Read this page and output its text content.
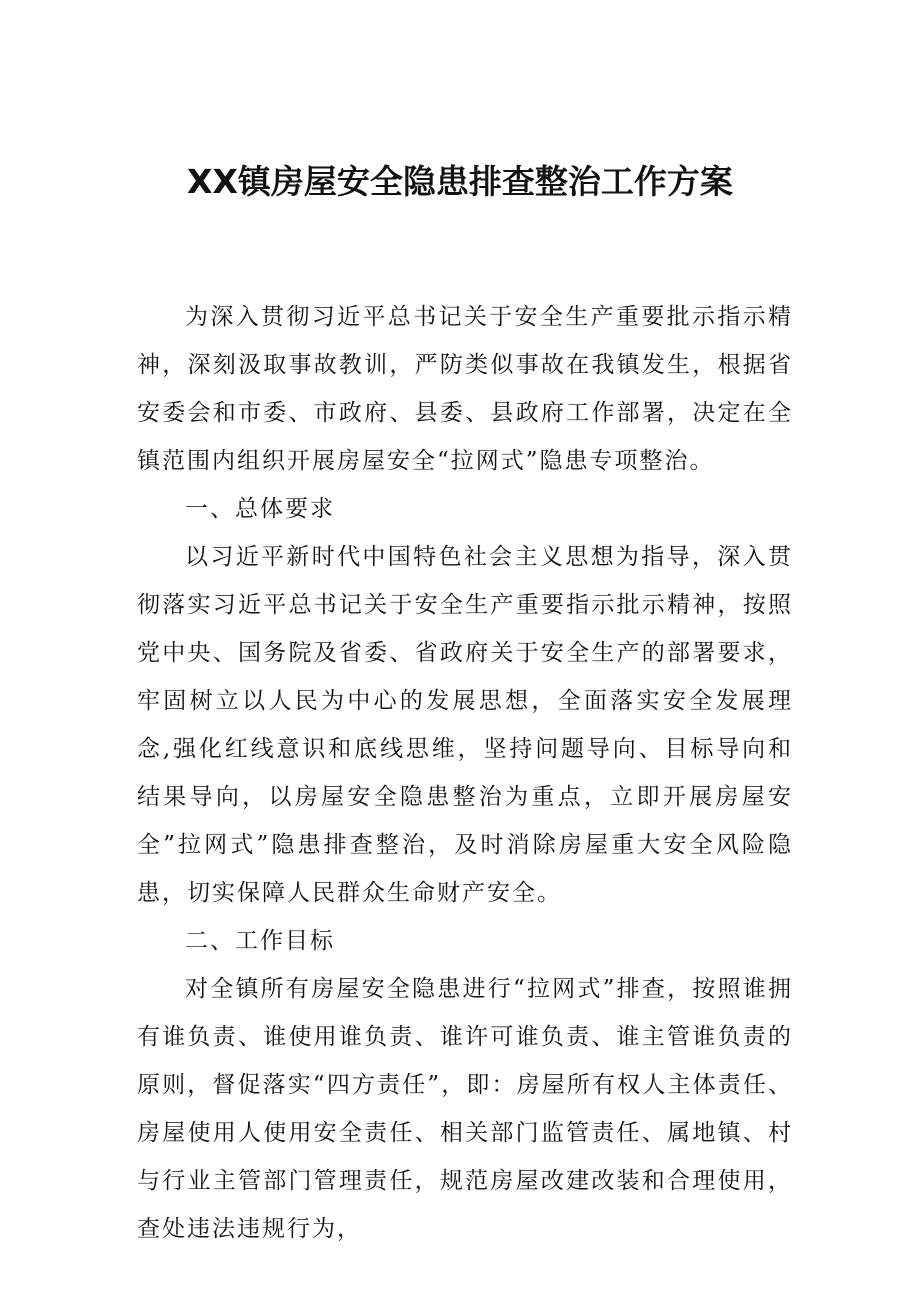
XX镇房屋安全隐患排查整治工作方案

为深入贯彻习近平总书记关于安全生产重要批示指示精神，深刻汲取事故教训，严防类似事故在我镇发生，根据省安委会和市委、市政府、县委、县政府工作部署，决定在全镇范围内组织开展房屋安全“拉网式”隐患专项整治。

一、总体要求

以习近平新时代中国特色社会主义思想为指导，深入贯彻落实习近平总书记关于安全生产重要指示批示精神，按照党中央、国务院及省委、省政府关于安全生产的部署要求，牢固树立以人民为中心的发展思想，全面落实安全发展理念,强化红线意识和底线思维，坚持问题导向、目标导向和结果导向，以房屋安全隐患整治为重点，立即开展房屋安全”拉网式”隐患排查整治，及时消除房屋重大安全风险隐患，切实保障人民群众生命财产安全。

二、工作目标

对全镇所有房屋安全隐患进行“拉网式”排查，按照谁拥有谁负责、谁使用谁负责、谁许可谁负责、谁主管谁负责的原则，督促落实“四方责任”，即：房屋所有权人主体责任、房屋使用人使用安全责任、相关部门监管责任、属地镇、村与行业主管部门管理责任，规范房屋改建改装和合理使用，查处违法违规行为，
